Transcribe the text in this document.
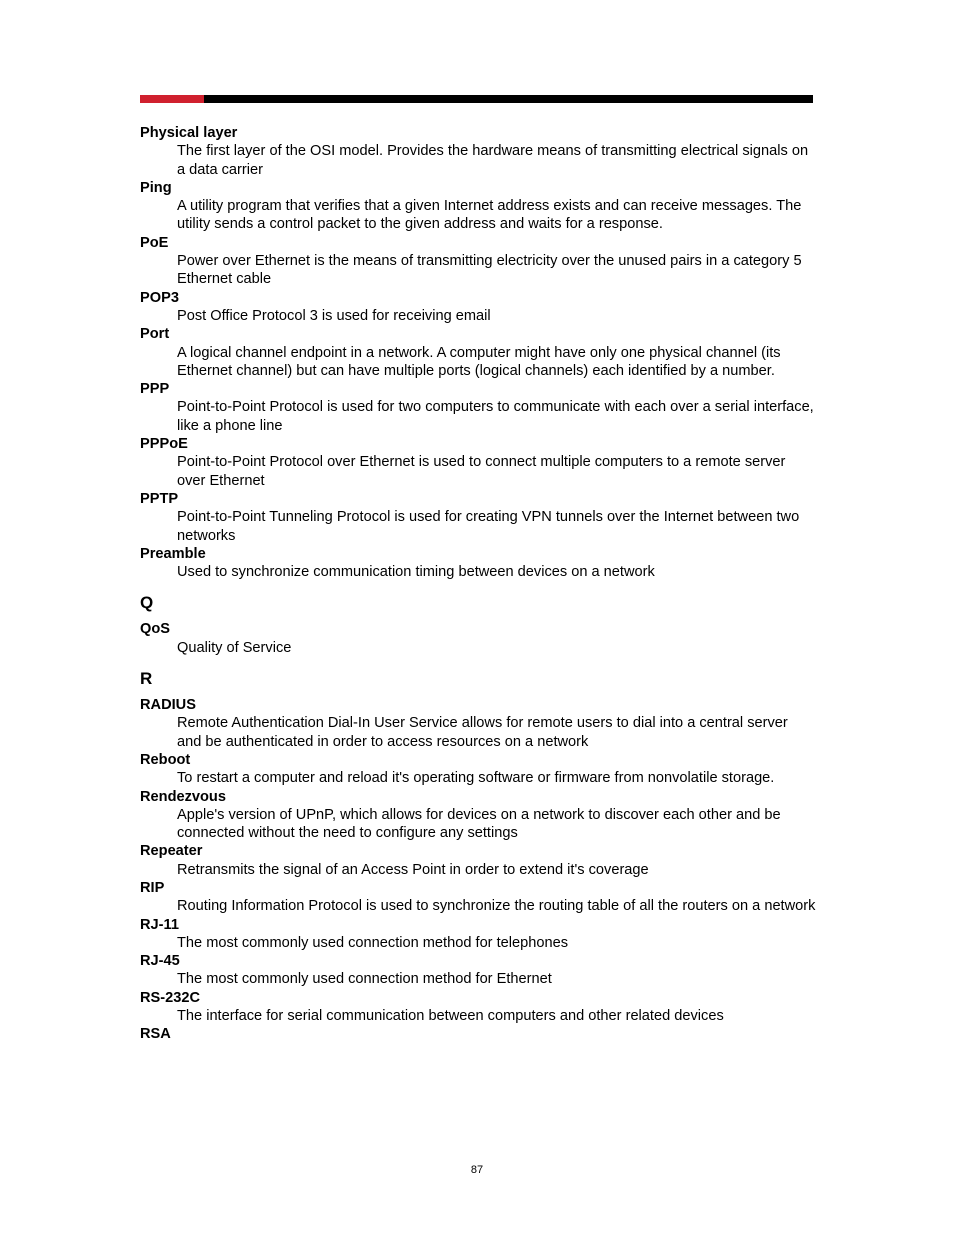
Physical layer
The first layer of the OSI model. Provides the hardware means of transmitting electrical signals on a data carrier
Ping
A utility program that verifies that a given Internet address exists and can receive messages. The utility sends a control packet to the given address and waits for a response.
PoE
Power over Ethernet is the means of transmitting electricity over the unused pairs in a category 5 Ethernet cable
POP3
Post Office Protocol 3 is used for receiving email
Port
A logical channel endpoint in a network. A computer might have only one physical channel (its Ethernet channel) but can have multiple ports (logical channels) each identified by a number.
PPP
Point-to-Point Protocol is used for two computers to communicate with each over a serial interface, like a phone line
PPPoE
Point-to-Point Protocol over Ethernet is used to connect multiple computers to a remote server over Ethernet
PPTP
Point-to-Point Tunneling Protocol is used for creating VPN tunnels over the Internet between two networks
Preamble
Used to synchronize communication timing between devices on a network
Q
QoS
Quality of Service
R
RADIUS
Remote Authentication Dial-In User Service allows for remote users to dial into a central server and be authenticated in order to access resources on a network
Reboot
To restart a computer and reload it's operating software or firmware from nonvolatile storage.
Rendezvous
Apple's version of UPnP, which allows for devices on a network to discover each other and be connected without the need to configure any settings
Repeater
Retransmits the signal of an Access Point in order to extend it's coverage
RIP
Routing Information Protocol is used to synchronize the routing table of all the routers on a network
RJ-11
The most commonly used connection method for telephones
RJ-45
The most commonly used connection method for Ethernet
RS-232C
The interface for serial communication between computers and other related devices
RSA
87
